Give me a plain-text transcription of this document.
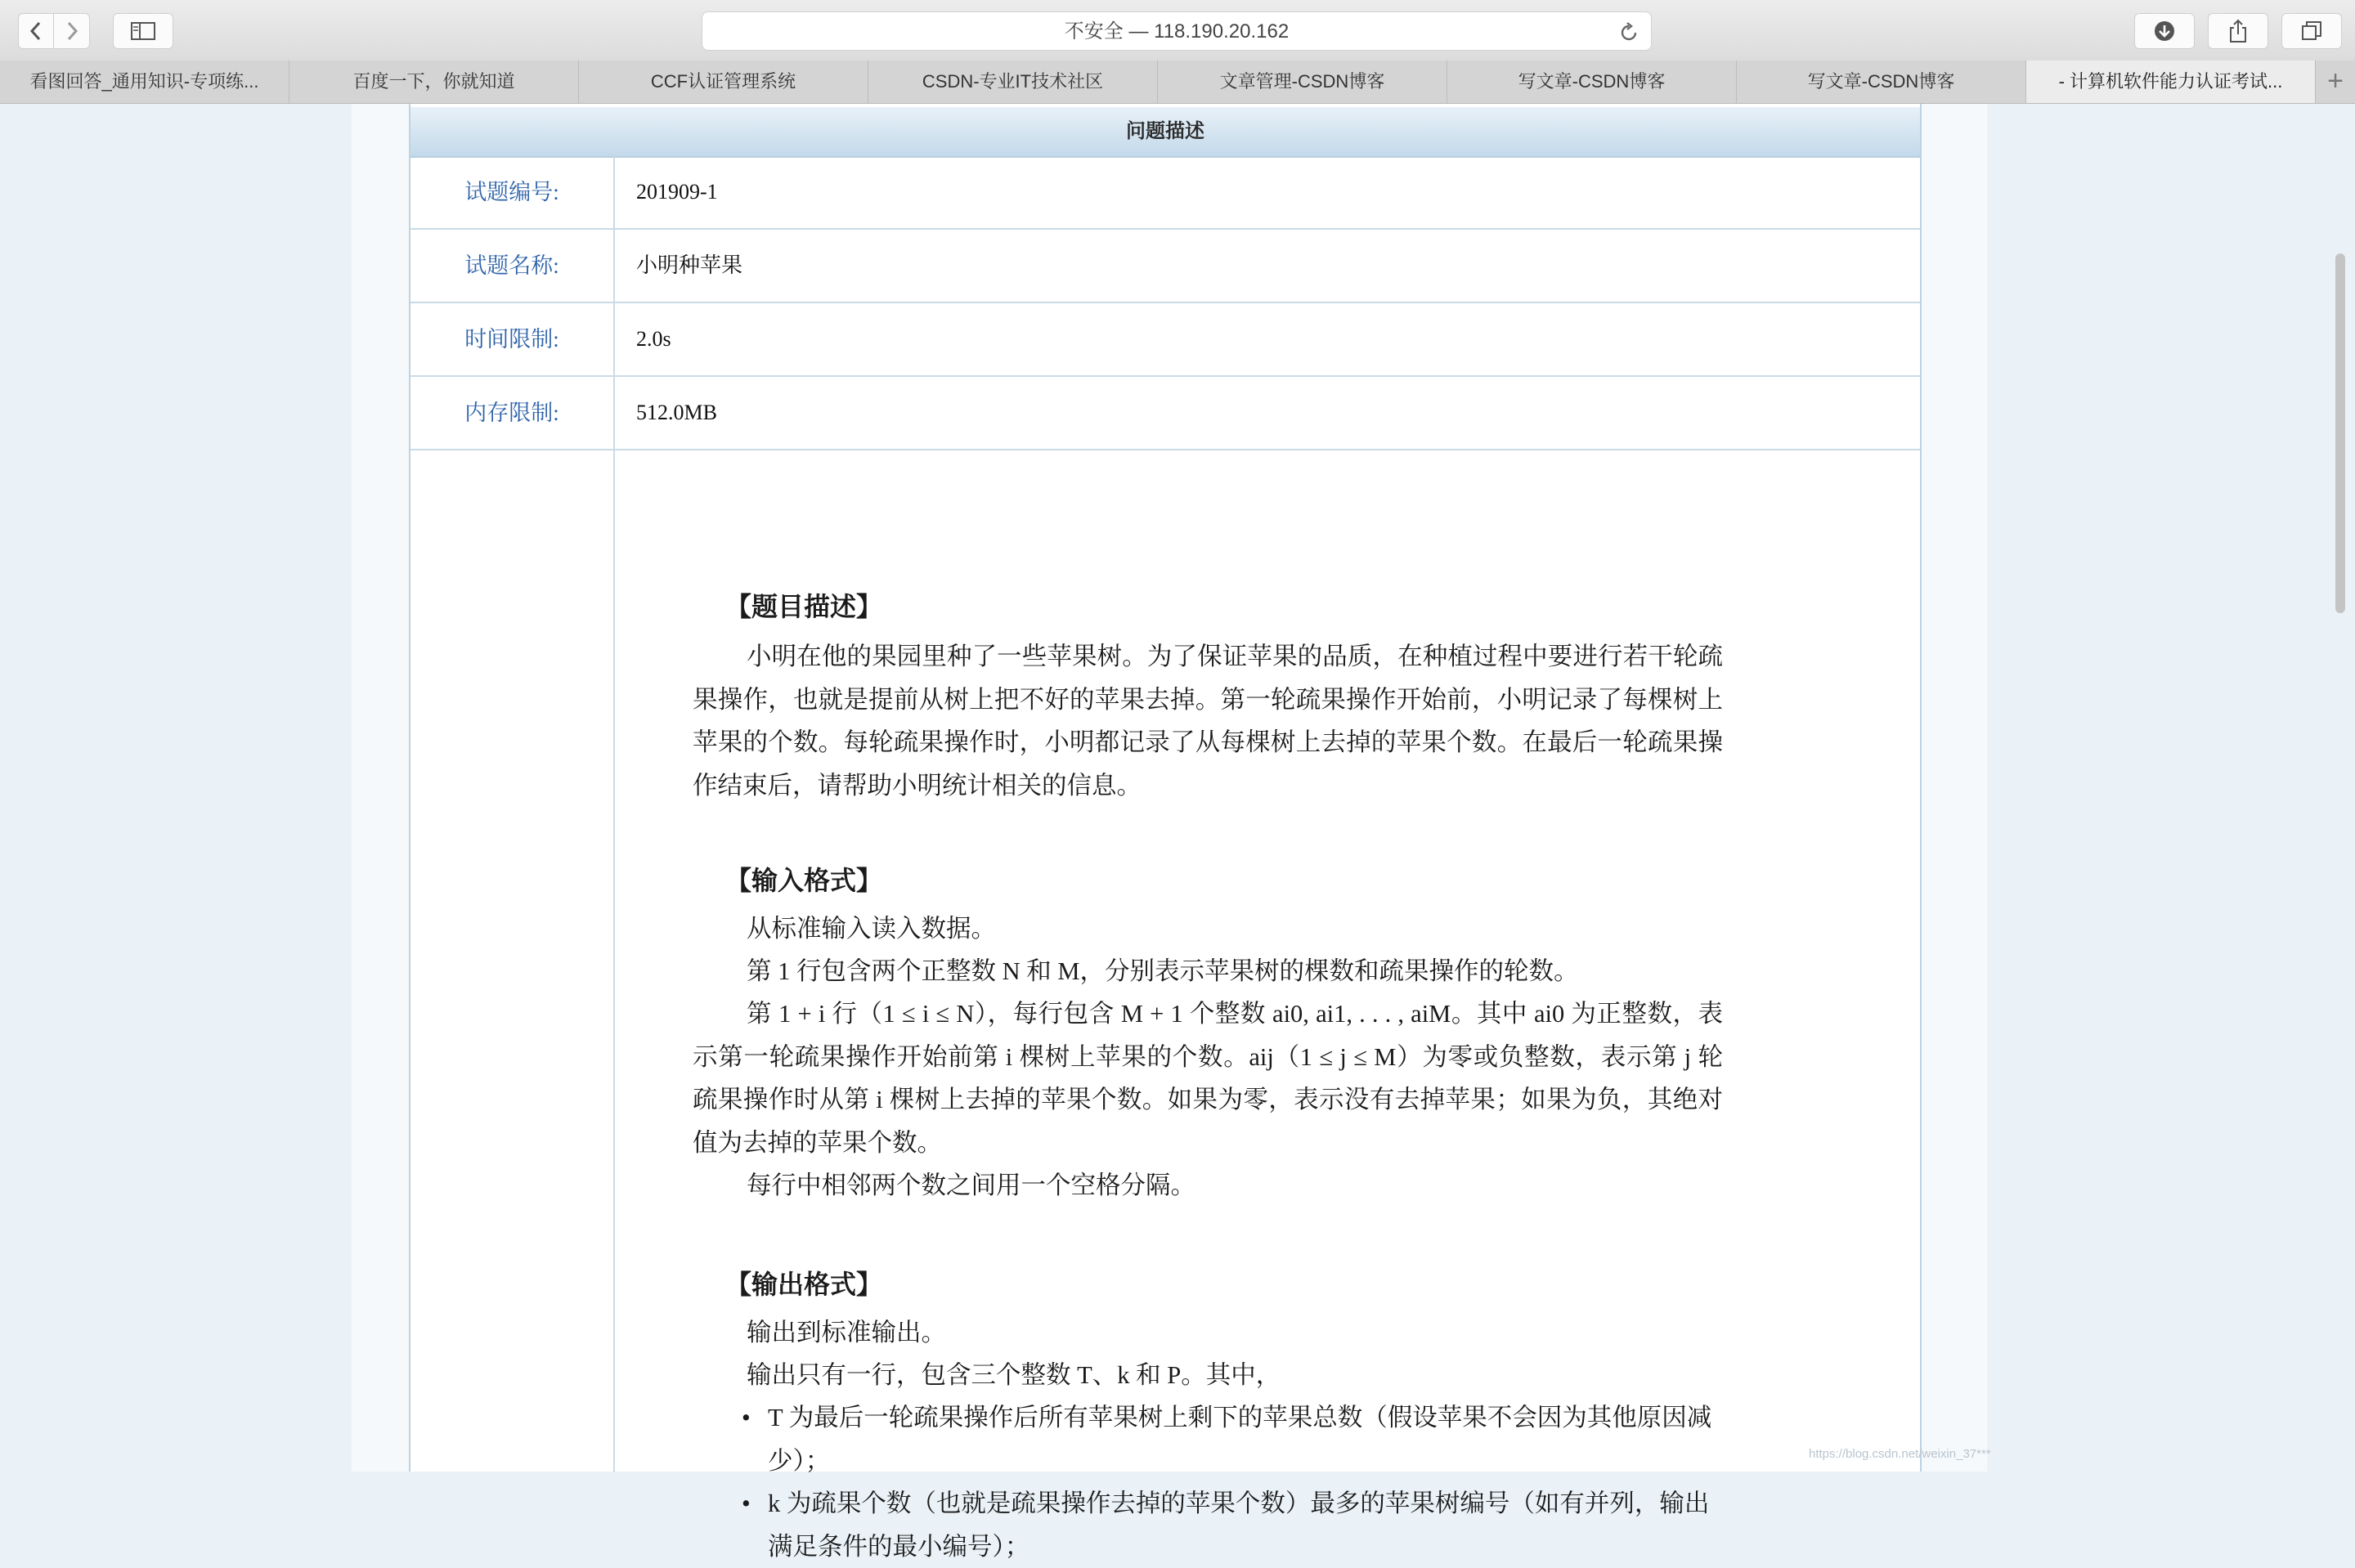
不安全 — 118.190.20.162
看图回答_通用知识-专项练...	百度一下，你就知道	CCF认证管理系统	CSDN-专业IT技术社区	文章管理-CSDN博客	写文章-CSDN博客	写文章-CSDN博客	- 计算机软件能力认证考试...	+
问题描述
试题编号:	201909-1
试题名称:	小明种苹果
时间限制:	2.0s
内存限制:	512.0MB
【题目描述】

小明在他的果园里种了一些苹果树。为了保证苹果的品质，在种植过程中要进行若干轮疏果操作，也就是提前从树上把不好的苹果去掉。第一轮疏果操作开始前，小明记录了每棵树上苹果的个数。每轮疏果操作时，小明都记录了从每棵树上去掉的苹果个数。在最后一轮疏果操作结束后，请帮助小明统计相关的信息。

【输入格式】

从标准输入读入数据。

第 1 行包含两个正整数 N 和 M，分别表示苹果树的棵数和疏果操作的轮数。

第 1 + i 行（1 ≤ i ≤ N），每行包含 M + 1 个整数 ai0, ai1, . . . , aiM。其中 ai0 为正整数，表示第一轮疏果操作开始前第 i 棵树上苹果的个数。aij（1 ≤ j ≤ M）为零或负整数，表示第 j 轮疏果操作时从第 i 棵树上去掉的苹果个数。如果为零，表示没有去掉苹果；如果为负，其绝对值为去掉的苹果个数。

每行中相邻两个数之间用一个空格分隔。

【输出格式】

输出到标准输出。

输出只有一行，包含三个整数 T、k 和 P。其中，

• T 为最后一轮疏果操作后所有苹果树上剩下的苹果总数（假设苹果不会因为其他原因减少）；
• k 为疏果个数（也就是疏果操作去掉的苹果个数）最多的苹果树编号（如有并列，输出满足条件的最小编号）；
https://blog.csdn.net/weixin_37***
